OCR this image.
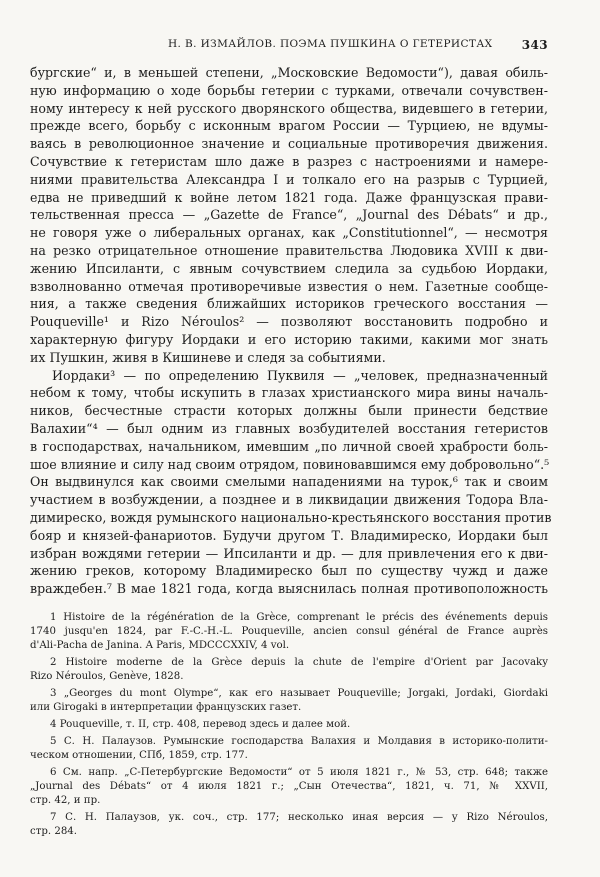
Н. В. ИЗМАЙЛОВ. ПОЭМА ПУШКИНА О ГЕТЕРИСТАХ 343
бургские“ и, в меньшей степени, „Московские Ведомости“), давая обиль-
ную информацию о ходе борьбы гетерии с турками, отвечали сочувствен-
ному интересу к ней русского дворянского общества, видевшего в гетерии,
прежде всего, борьбу с исконным врагом России — Турциею, не вдумы-
ваясь в революционное значение и социальные противоречия движения.
Сочувствие к гетеристам шло даже в разрез с настроениями и намере-
ниями правительства Александра I и толкало его на разрыв с Турцией,
едва не приведший к войне летом 1821 года. Даже французская прави-
тельственная пресса — „Gazette de France“, „Journal des Débats“ и др.,
не говоря уже о либеральных органах, как „Constitutionnel“, — несмотря
на резко отрицательное отношение правительства Людовика XVIII к дви-
жению Ипсиланти, с явным сочувствием следила за судьбою Иордаки,
взволнованно отмечая противоречивые известия о нем. Газетные сообще-
ния, а также сведения ближайших историков греческого восстания —
Pouqueville¹ и Rizo Néroulos² — позволяют восстановить подробно и
характерную фигуру Иордаки и его историю такими, какими мог знать
их Пушкин, живя в Кишиневе и следя за событиями.
Иордаки³ — по определению Пуквиля — „человек, предназначенный
небом к тому, чтобы искупить в глазах христианского мира вины началь-
ников, бесчестные страсти которых должны были принести бедствие
Валахии“⁴ — был одним из главных возбудителей восстания гетеристов
в господарствах, начальником, имевшим „по личной своей храбрости боль-
шое влияние и силу над своим отрядом, повиновавшимся ему добровольно“.⁵
Он выдвинулся как своими смелыми нападениями на турок,⁶ так и своим
участием в возбуждении, а позднее и в ликвидации движения Тодора Вла-
димиреско, вождя румынского национально-крестьянского восстания против
бояр и князей-фанариотов. Будучи другом Т. Владимиреско, Иордаки был
избран вождями гетерии — Ипсиланти и др. — для привлечения его к дви-
жению греков, которому Владимиреско был по существу чужд и даже
враждебен.⁷ В мае 1821 года, когда выяснилась полная противоположность
1 Histoire de la régénération de la Grèce, comprenant le précis des événements depuis
1740 jusqu'en 1824, par F.-C.-H.-L. Pouqueville, ancien consul général de France auprès
d'Ali-Pacha de Janina. A Paris, MDCCCXXIV, 4 vol.
2 Histoire moderne de la Grèce depuis la chute de l'empire d'Orient par Jacovaky
Rizo Néroulos, Genève, 1828.
3 „Georges du mont Olympe“, как его называет Pouqueville; Jorgaki, Jordaki, Giordaki
или Girogaki в интерпретации французских газет.
4 Pouqueville, т. II, стр. 408, перевод здесь и далее мой.
5 С. Н. Палаузов. Румынские господарства Валахия и Молдавия в историко-полити-
ческом отношении, СПб, 1859, стр. 177.
6 См. напр. „С-Петербургские Ведомости“ от 5 июля 1821 г., № 53, стр. 648; также
„Journal des Débats“ от 4 июля 1821 г.; „Сын Отечества“, 1821, ч. 71, № XXVII,
стр. 42, и пр.
7 С. Н. Палаузов, ук. соч., стр. 177; несколько иная версия — у Rizo Néroulos,
стр. 284.
